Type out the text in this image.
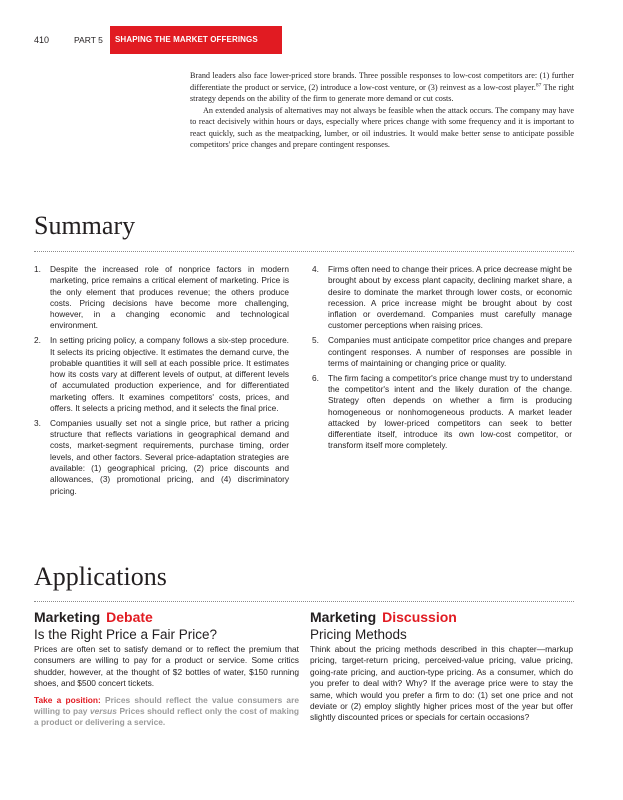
410	PART 5	SHAPING THE MARKET OFFERINGS

Brand leaders also face lower-priced store brands. Three possible responses to low-cost competitors are: (1) further differentiate the product or service, (2) introduce a low-cost venture, or (3) reinvest as a low-cost player.$^{87}$ The right strategy depends on the ability of the firm to generate more demand or cut costs.

An extended analysis of alternatives may not always be feasible when the attack occurs. The company may have to react decisively within hours or days, especially where prices change with some frequency and it is important to react quickly, such as the meatpacking, lumber, or oil industries. It would make better sense to anticipate possible competitors' price changes and prepare contingent responses.

Summary
1. Despite the increased role of nonprice factors in modern marketing, price remains a critical element of marketing. Price is the only element that produces revenue; the others produce costs. Pricing decisions have become more challenging, however, in a changing economic and technological environment.
2. In setting pricing policy, a company follows a six-step procedure. It selects its pricing objective. It estimates the demand curve, the probable quantities it will sell at each possible price. It estimates how its costs vary at different levels of output, at different levels of accumulated production experience, and for differentiated marketing offers. It examines competitors' costs, prices, and offers. It selects a pricing method, and it selects the final price.
3. Companies usually set not a single price, but rather a pricing structure that reflects variations in geographical demand and costs, market-segment requirements, purchase timing, order levels, and other factors. Several price-adaptation strategies are available: (1) geographical pricing, (2) price discounts and allowances, (3) promotional pricing, and (4) discriminatory pricing.
4. Firms often need to change their prices. A price decrease might be brought about by excess plant capacity, declining market share, a desire to dominate the market through lower costs, or economic recession. A price increase might be brought about by cost inflation or overdemand. Companies must carefully manage customer perceptions when raising prices.
5. Companies must anticipate competitor price changes and prepare contingent responses. A number of responses are possible in terms of maintaining or changing price or quality.
6. The firm facing a competitor's price change must try to understand the competitor's intent and the likely duration of the change. Strategy often depends on whether a firm is producing homogeneous or nonhomogeneous products. A market leader attacked by lower-priced competitors can seek to better differentiate itself, introduce its own low-cost competitor, or transform itself more completely.
Applications
Marketing Debate
Is the Right Price a Fair Price?
Prices are often set to satisfy demand or to reflect the premium that consumers are willing to pay for a product or service. Some critics shudder, however, at the thought of $2 bottles of water, $150 running shoes, and $500 concert tickets.
Take a position: Prices should reflect the value consumers are willing to pay versus Prices should reflect only the cost of making a product or delivering a service.
Marketing Discussion
Pricing Methods
Think about the pricing methods described in this chapter—markup pricing, target-return pricing, perceived-value pricing, value pricing, going-rate pricing, and auction-type pricing. As a consumer, which do you prefer to deal with? Why? If the average price were to stay the same, which would you prefer a firm to do: (1) set one price and not deviate or (2) employ slightly higher prices most of the year but offer slightly discounted prices or specials for certain occasions?
